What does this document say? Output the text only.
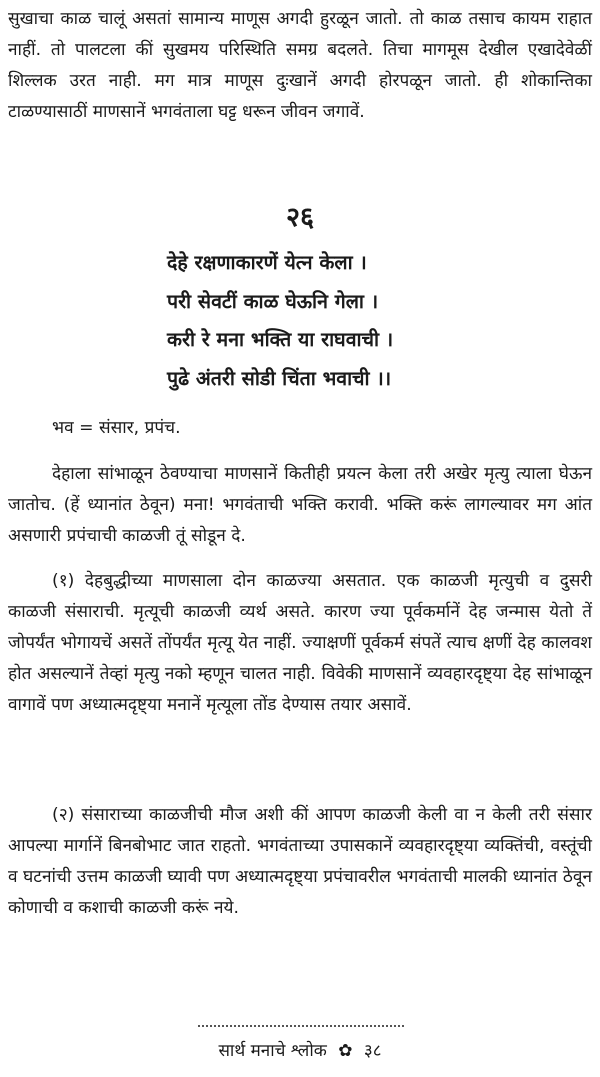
सुखाचा काळ चालूं असतां सामान्य माणूस अगदी हुरळून जातो. तो काळ तसाच कायम राहात नाहीं. तो पालटला कीं सुखमय परिस्थिति समग्र बदलते. तिचा मागमूस देखील एखादेवेळीं शिल्लक उरत नाही. मग मात्र माणूस दुःखानें अगदी होरपळून जातो. ही शोकान्तिका टाळण्यासाठीं माणसानें भगवंताला घट्ट धरून जीवन जगावें.

२६
देहे रक्षणाकारणें येत्न केला ।
परी सेवटीं काळ घेऊनि गेला ।
करी रे मना भक्ति या राघवाची ।
पुढे अंतरी सोडी चिंता भवाची ।।

भव = संसार, प्रपंच.

देहाला सांभाळून ठेवण्याचा माणसानें कितीही प्रयत्न केला तरी अखेर मृत्यु त्याला घेऊन जातोच. (हें ध्यानांत ठेवून) मना! भगवंताची भक्ति करावी. भक्ति करूं लागल्यावर मग आंत असणारी प्रपंचाची काळजी तूं सोडून दे.

(१) देहबुद्धीच्या माणसाला दोन काळज्या असतात. एक काळजी मृत्युची व दुसरी काळजी संसाराची. मृत्यूची काळजी व्यर्थ असते. कारण ज्या पूर्वकर्मानें देह जन्मास येतो तें जोपर्यंत भोगायचें असतें तोंपर्यंत मृत्यू येत नाहीं. ज्याक्षणीं पूर्वकर्म संपतें त्याच क्षणीं देह कालवश होत असल्यानें तेव्हां मृत्यु नको म्हणून चालत नाही. विवेकी माणसानें व्यवहारदृष्ट्या देह सांभाळून वागावें पण अध्यात्मदृष्ट्या मनानें मृत्यूला तोंड देण्यास तयार असावें.

(२) संसाराच्या काळजीची मौज अशी कीं आपण काळजी केली वा न केली तरी संसार आपल्या मार्गानें बिनबोभाट जात राहतो. भगवंताच्या उपासकानें व्यवहारदृष्ट्या व्यक्तिंची, वस्तूंची व घटनांची उत्तम काळजी घ्यावी पण अध्यात्मदृष्ट्या प्रपंचावरील भगवंताची मालकी ध्यानांत ठेवून कोणाची व कशाची काळजी करूं नये.

सार्थ मनाचे श्लोक ✿ ३८
